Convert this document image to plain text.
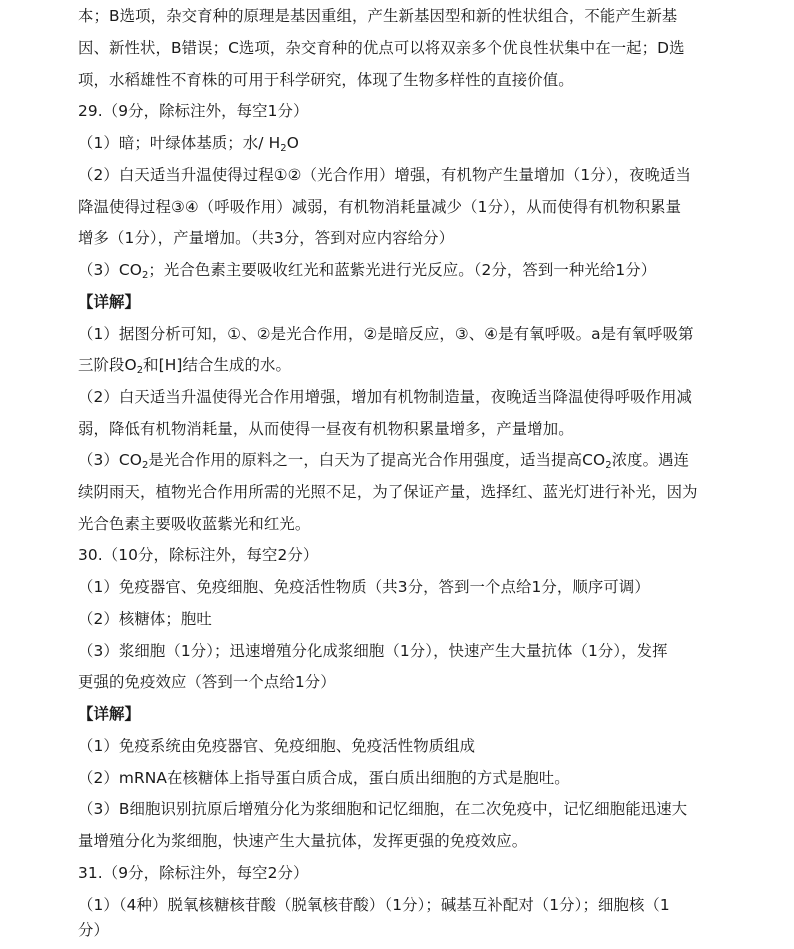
本；B选项，杂交育种的原理是基因重组，产生新基因型和新的性状组合，不能产生新基
因、新性状，B错误；C选项，杂交育种的优点可以将双亲多个优良性状集中在一起；D选
项，水稻雄性不育株的可用于科学研究，体现了生物多样性的直接价值。
29.（9分，除标注外，每空1分）
（1）暗；叶绿体基质；水/ $H_2O$
（2）白天适当升温使得过程①②（光合作用）增强，有机物产生量增加（1分），夜晚适当
降温使得过程③④（呼吸作用）减弱，有机物消耗量减少（1分），从而使得有机物积累量
增多（1分），产量增加。（共3分，答到对应内容给分）
$(3)CO_2$；光合色素主要吸收红光和蓝紫光进行光反应。（2分，答到一种光给1分）
【详解】
（1）据图分析可知，①、②是光合作用，②是暗反应，③、④是有氧呼吸。a是有氧呼吸第
三阶段$O_2$和[H]结合生成的水。
（2）白天适当升温使得光合作用增强，增加有机物制造量，夜晚适当降温使得呼吸作用减
弱，降低有机物消耗量，从而使得一昼夜有机物积累量增多，产量增加。
$(3)CO_2$是光合作用的原料之一，白天为了提高光合作用强度，适当提高$CO_2$浓度。遇连
续阴雨天，植物光合作用所需的光照不足，为了保证产量，选择红、蓝光灯进行补光，因为
光合色素主要吸收蓝紫光和红光。
30.（10分，除标注外，每空2分）
（1）免疫器官、免疫细胞、免疫活性物质（共3分，答到一个点给1分，顺序可调）
（2）核糖体；胞吐
（3）浆细胞（1分）；迅速增殖分化成浆细胞（1分），快速产生大量抗体（1分），发挥
更强的免疫效应（答到一个点给1分）
【详解】
（1）免疫系统由免疫器官、免疫细胞、免疫活性物质组成
（2）mRNA在核糖体上指导蛋白质合成，蛋白质出细胞的方式是胞吐。
（3）B细胞识别抗原后增殖分化为浆细胞和记忆细胞，在二次免疫中，记忆细胞能迅速大
量增殖分化为浆细胞，快速产生大量抗体，发挥更强的免疫效应。
31.（9分，除标注外，每空2分）
（1）（4种）脱氧核糖核苷酸（脱氧核苷酸）（1分）；碱基互补配对（1分）；细胞核（1
分）
